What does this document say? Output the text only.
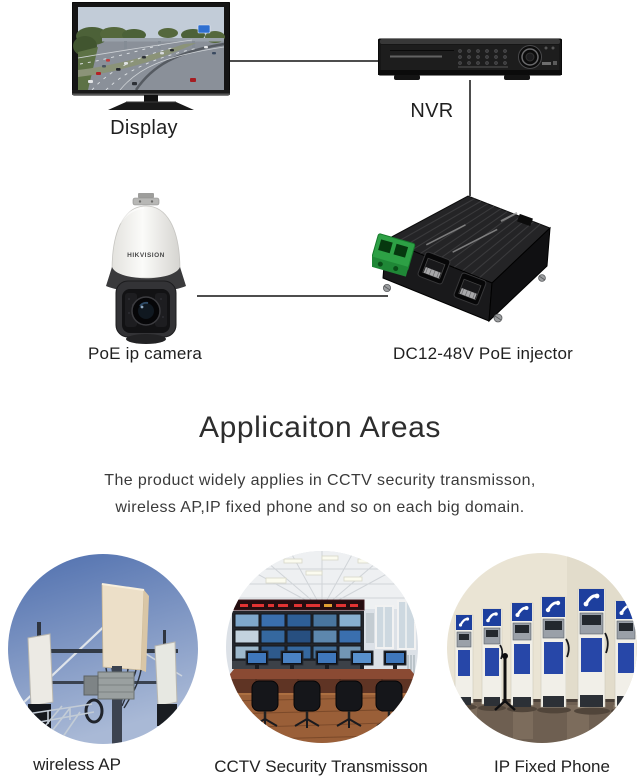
Display
NVR
HIKVISION
PoE ip camera	DC12-48V PoE injector
Applicaiton Areas
The product widely applies in CCTV security transmisson,
wireless AP,IP fixed phone and so on each big domain.
wireless AP	CCTV Security Transmisson	IP Fixed Phone
